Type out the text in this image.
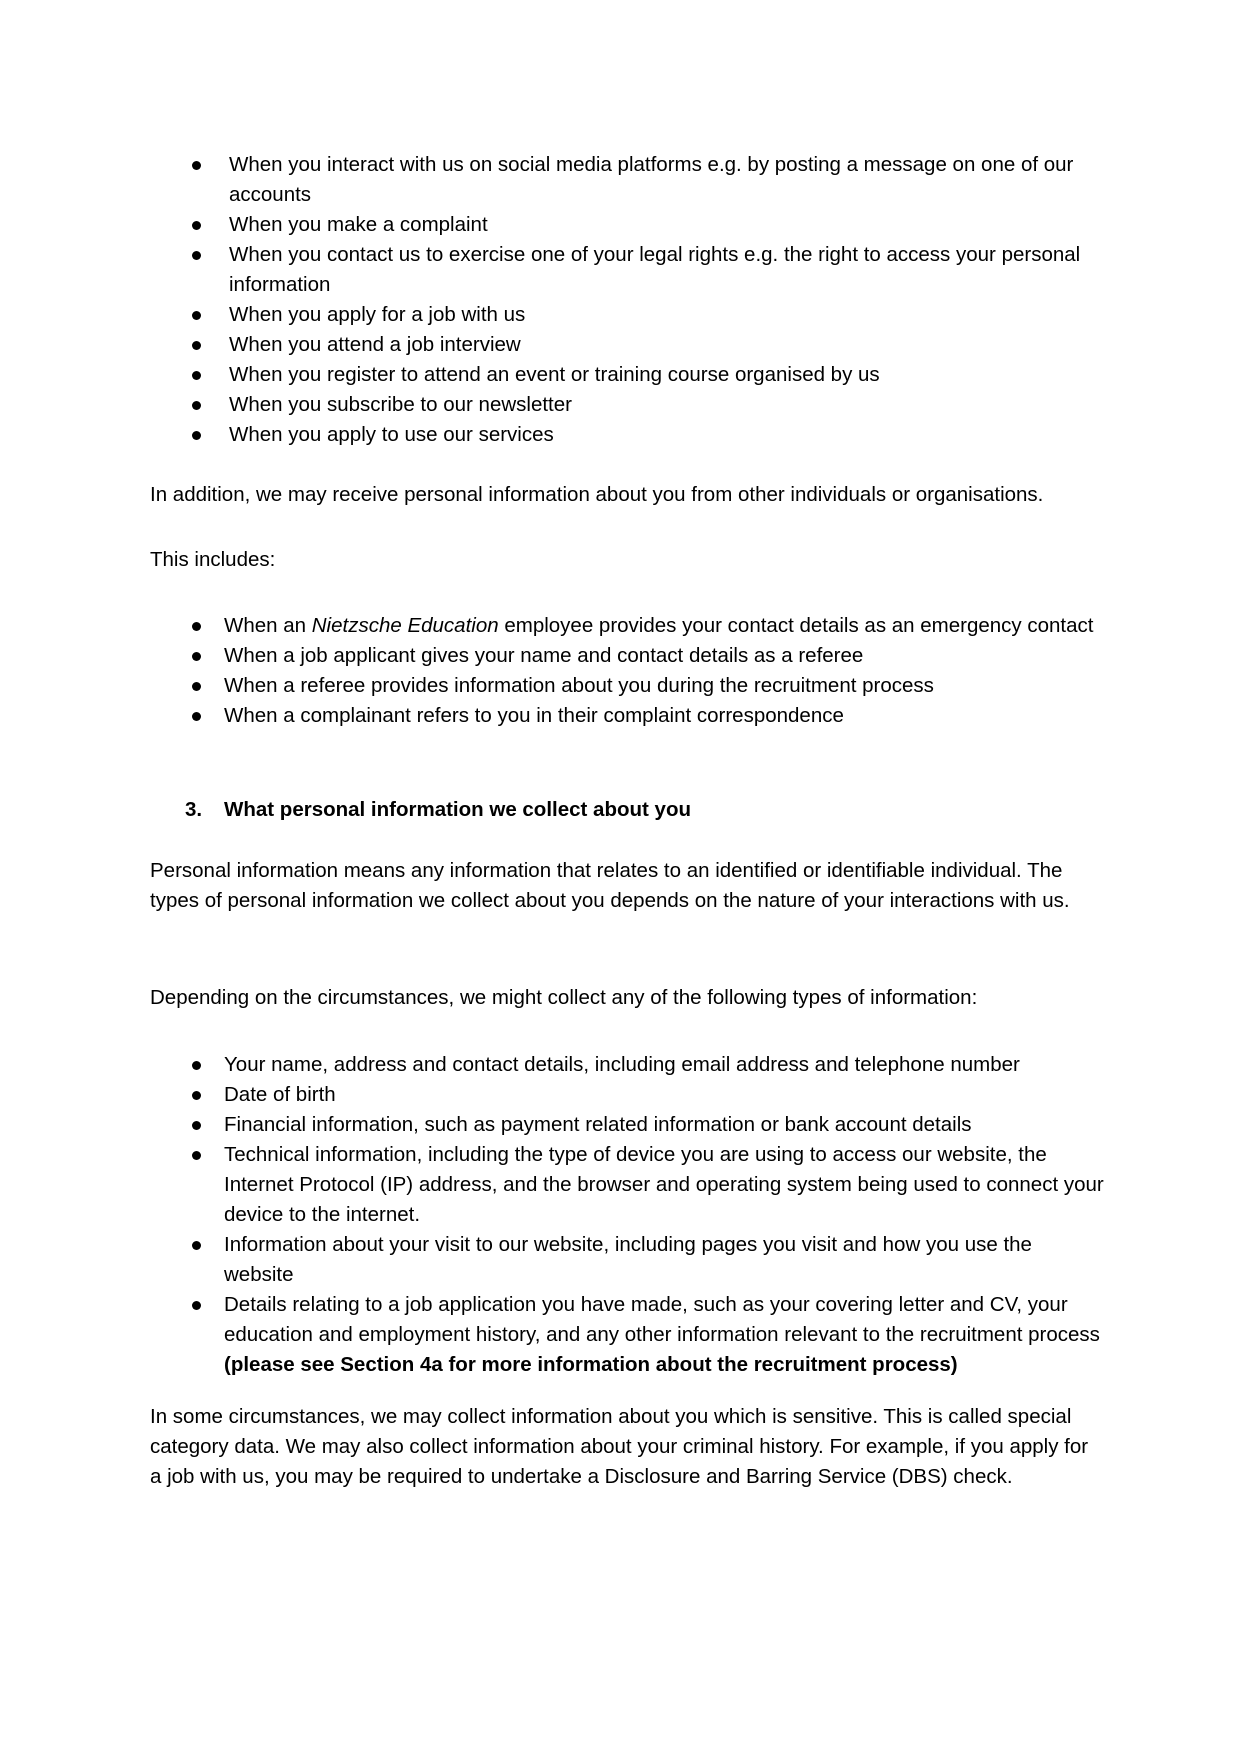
When you interact with us on social media platforms e.g. by posting a message on one of our accounts
When you make a complaint
When you contact us to exercise one of your legal rights e.g. the right to access your personal information
When you apply for a job with us
When you attend a job interview
When you register to attend an event or training course organised by us
When you subscribe to our newsletter
When you apply to use our services

In addition, we may receive personal information about you from other individuals or organisations.

This includes:

When an Nietzsche Education employee provides your contact details as an emergency contact
When a job applicant gives your name and contact details as a referee
When a referee provides information about you during the recruitment process
When a complainant refers to you in their complaint correspondence
3. What personal information we collect about you

Personal information means any information that relates to an identified or identifiable individual. The types of personal information we collect about you depends on the nature of your interactions with us.

Depending on the circumstances, we might collect any of the following types of information:

Your name, address and contact details, including email address and telephone number
Date of birth
Financial information, such as payment related information or bank account details
Technical information, including the type of device you are using to access our website, the Internet Protocol (IP) address, and the browser and operating system being used to connect your device to the internet.
Information about your visit to our website, including pages you visit and how you use the website
Details relating to a job application you have made, such as your covering letter and CV, your education and employment history, and any other information relevant to the recruitment process (please see Section 4a for more information about the recruitment process)

In some circumstances, we may collect information about you which is sensitive. This is called special category data. We may also collect information about your criminal history. For example, if you apply for a job with us, you may be required to undertake a Disclosure and Barring Service (DBS) check.
